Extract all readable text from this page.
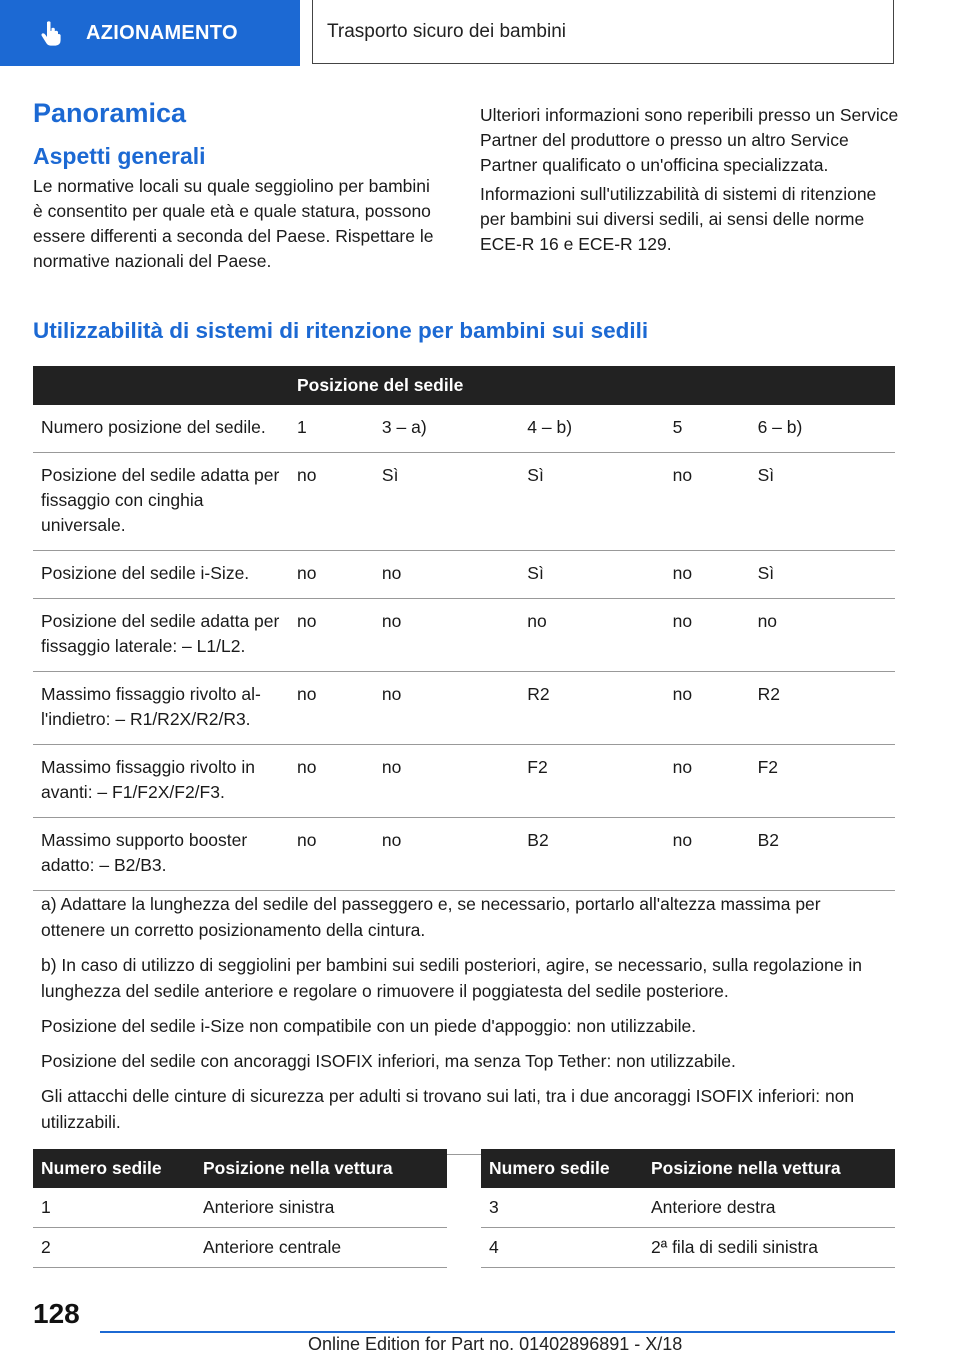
AZIONAMENTO	Trasporto sicuro dei bambini
Panoramica
Aspetti generali

Le normative locali su quale seggiolino per bambini è consentito per quale età e quale statura, possono essere differenti a seconda del Paese. Rispettare le normative nazionali del Paese.

Ulteriori informazioni sono reperibili presso un Service Partner del produttore o presso un altro Service Partner qualificato o un'officina specializzata.

Informazioni sull'utilizzabilità di sistemi di ritenzione per bambini sui diversi sedili, ai sensi delle norme ECE-R 16 e ECE-R 129.

Utilizzabilità di sistemi di ritenzione per bambini sui sedili
	Posizione del sedile				
Numero posizione del sedile.	1	3 – a)	4 – b)	5	6 – b)
Posizione del sedile adatta per fissaggio con cinghia universale.	no	Sì	Sì	no	Sì
Posizione del sedile i-Size.	no	no	Sì	no	Sì
Posizione del sedile adatta per fissaggio laterale: – L1/L2.	no	no	no	no	no
Massimo fissaggio rivolto all'indietro: – R1/R2X/R2/R3.	no	no	R2	no	R2
Massimo fissaggio rivolto in avanti: – F1/F2X/F2/F3.	no	no	F2	no	F2
Massimo supporto booster adatto: – B2/B3.	no	no	B2	no	B2

a) Adattare la lunghezza del sedile del passeggero e, se necessario, portarlo all'altezza massima per ottenere un corretto posizionamento della cintura.

b) In caso di utilizzo di seggiolini per bambini sui sedili posteriori, agire, se necessario, sulla regolazione in lunghezza del sedile anteriore e regolare o rimuovere il poggiatesta del sedile posteriore.

Posizione del sedile i-Size non compatibile con un piede d'appoggio: non utilizzabile.

Posizione del sedile con ancoraggi ISOFIX inferiori, ma senza Top Tether: non utilizzabile.

Gli attacchi delle cinture di sicurezza per adulti si trovano sui lati, tra i due ancoraggi ISOFIX inferiori: non utilizzabili.

Numero sedile	Posizione nella vettura
1	Anteriore sinistra
2	Anteriore centrale
Numero sedile	Posizione nella vettura
3	Anteriore destra
4	2ª fila di sedili sinistra
128
Online Edition for Part no. 01402896891 - X/18
